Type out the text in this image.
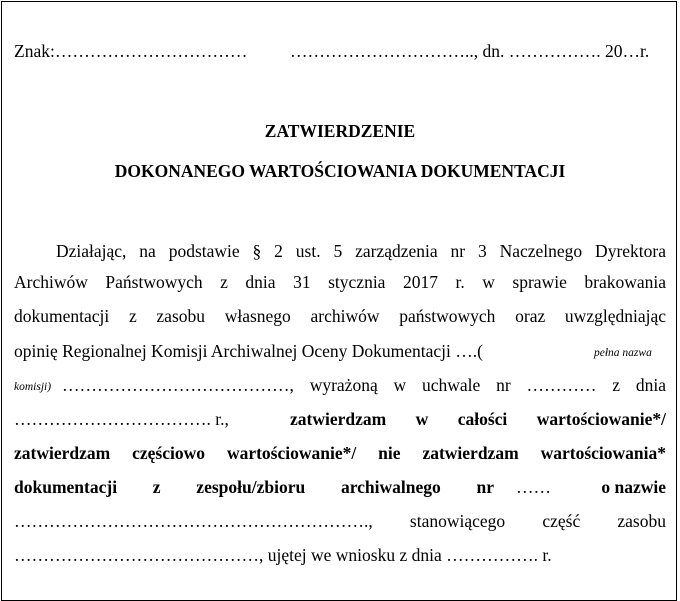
Znak:…………………………… ………………………….., dn. ……………. 20…r.
ZATWIERDZENIE
DOKONANEGO WARTOŚCIOWANIA DOKUMENTACJI
Działając, na podstawie § 2 ust. 5 zarządzenia nr 3 Naczelnego Dyrektora
Archiwów Państwowych z dnia 31 stycznia 2017 r. w sprawie brakowania
dokumentacji z zasobu własnego archiwów państwowych oraz uwzględniając
opinię Regionalnej Komisji Archiwalnej Oceny Dokumentacji ….(	pełna nazwa
komisji) …………………………………, wyrażoną w uchwale nr ………… z dnia
……………………………. r.,	zatwierdzam w całości wartościowanie*/
zatwierdzam częściowo wartościowanie*/ nie zatwierdzam wartościowania*
dokumentacji z zespołu/zbioru archiwalnego nr ……	o nazwie
……………………………………………………., stanowiącego część zasobu
……………………………………, ujętej we wniosku z dnia ……………. r.
